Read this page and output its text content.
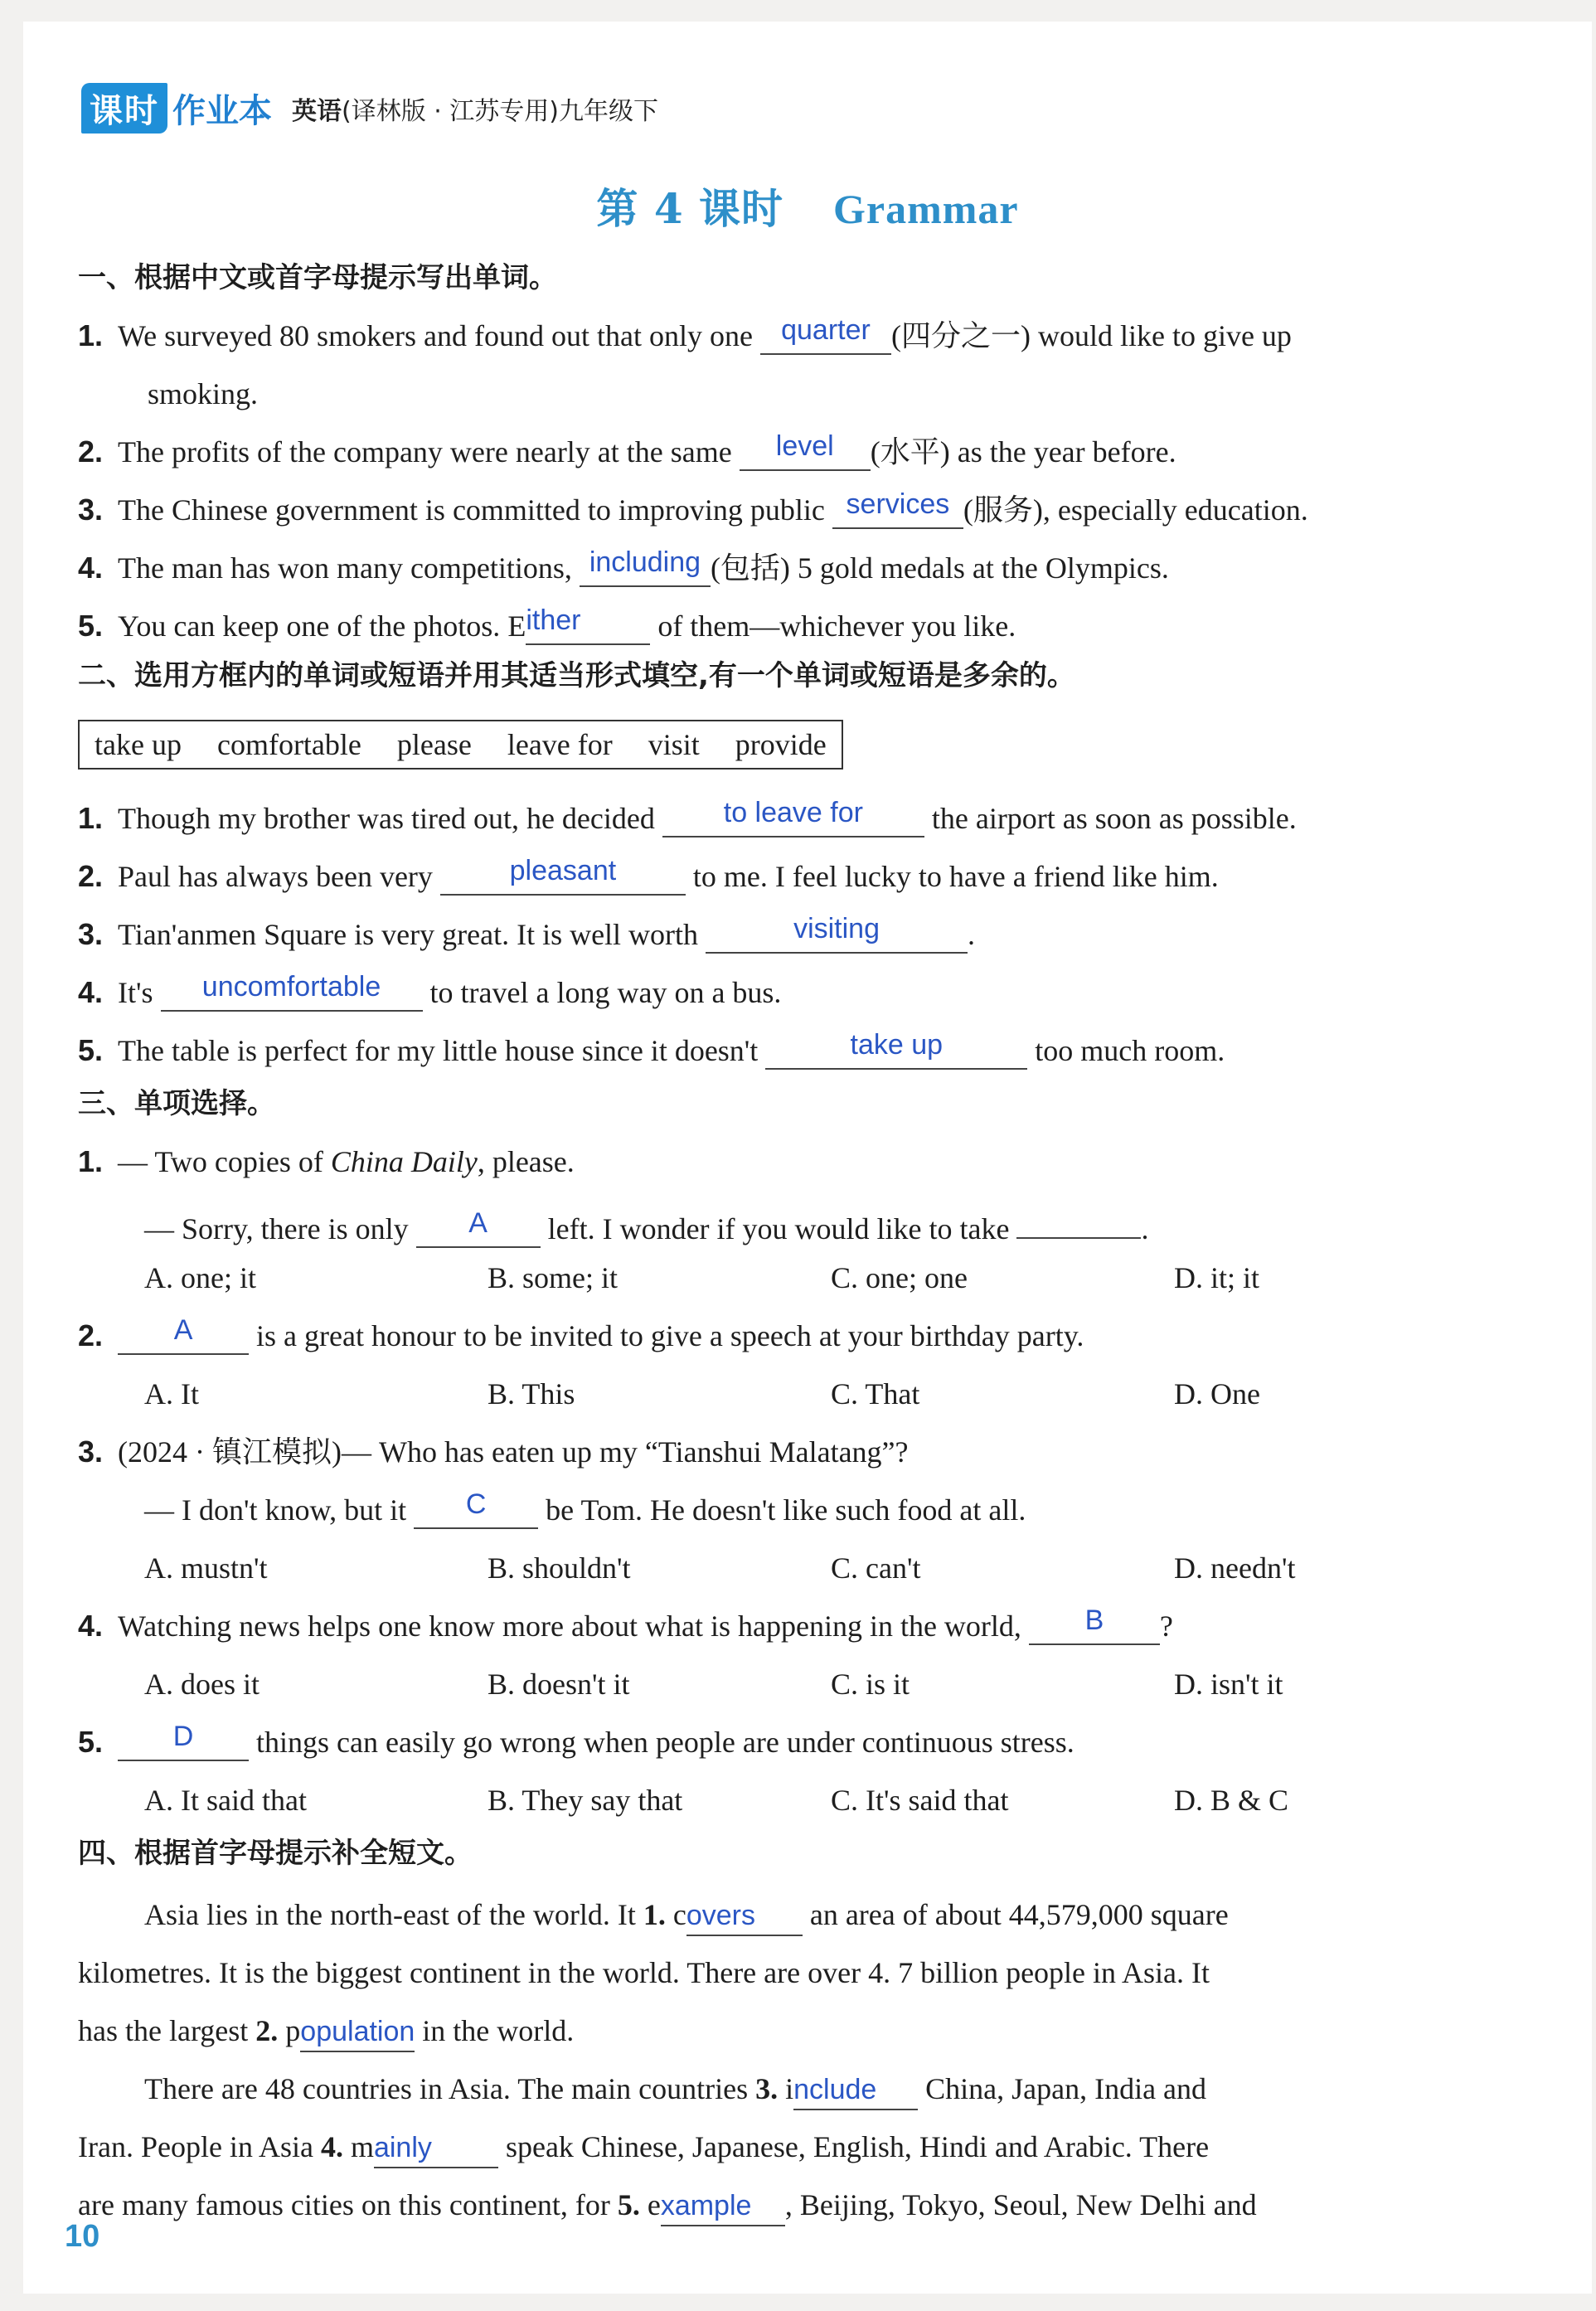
课时 作业本 英语(译林版 · 江苏专用)九年级下
第 4 课时 Grammar
一、根据中文或首字母提示写出单词。
1. We surveyed 80 smokers and found out that only one quarter (四分之一) would like to give up
smoking.
2. The profits of the company were nearly at the same level (水平) as the year before.
3. The Chinese government is committed to improving public services (服务), especially education.
4. The man has won many competitions, including (包括) 5 gold medals at the Olympics.
5. You can keep one of the photos. Either	of them—whichever you like.
二、选用方框内的单词或短语并用其适当形式填空,有一个单词或短语是多余的。
take up comfortable please leave for visit provide
1. Though my brother was tired out, he decided to leave for the airport as soon as possible.
2. Paul has always been very	pleasant	to me. I feel lucky to have a friend like him.
3. Tian'anmen Square is very great. It is well worth	visiting	.
4. It's uncomfortable to travel a long way on a bus.
5. The table is perfect for my little house since it doesn't	take up	too much room.
三、单项选择。
1. — Two copies of China Daily, please.
— Sorry, there is only A left. I wonder if you would like to take	.
A. one; it	B. some; it	C. one; one	D. it; it
2.	A is a great honour to be invited to give a speech at your birthday party.
A. It	B. This	C. That	D. One
3. (2024 · 镇江模拟)— Who has eaten up my “Tianshui Malatang”?
— I don't know, but it C be Tom. He doesn't like such food at all.
A. mustn't	B. shouldn't	C. can't	D. needn't
4. Watching news helps one know more about what is happening in the world, B ?
A. does it	B. doesn't it	C. is it	D. isn't it
5. D things can easily go wrong when people are under continuous stress.
A. It said that	B. They say that	C. It's said that	D. B & C
四、根据首字母提示补全短文。
Asia lies in the north-east of the world. It 1. covers an area of about 44,579,000 square
kilometres. It is the biggest continent in the world. There are over 4. 7 billion people in Asia. It
has the largest 2. population in the world.
There are 48 countries in Asia. The main countries 3. include China, Japan, India and
Iran. People in Asia 4. mainly speak Chinese, Japanese, English, Hindi and Arabic. There
are many famous cities on this continent, for 5. example , Beijing, Tokyo, Seoul, New Delhi and
10
